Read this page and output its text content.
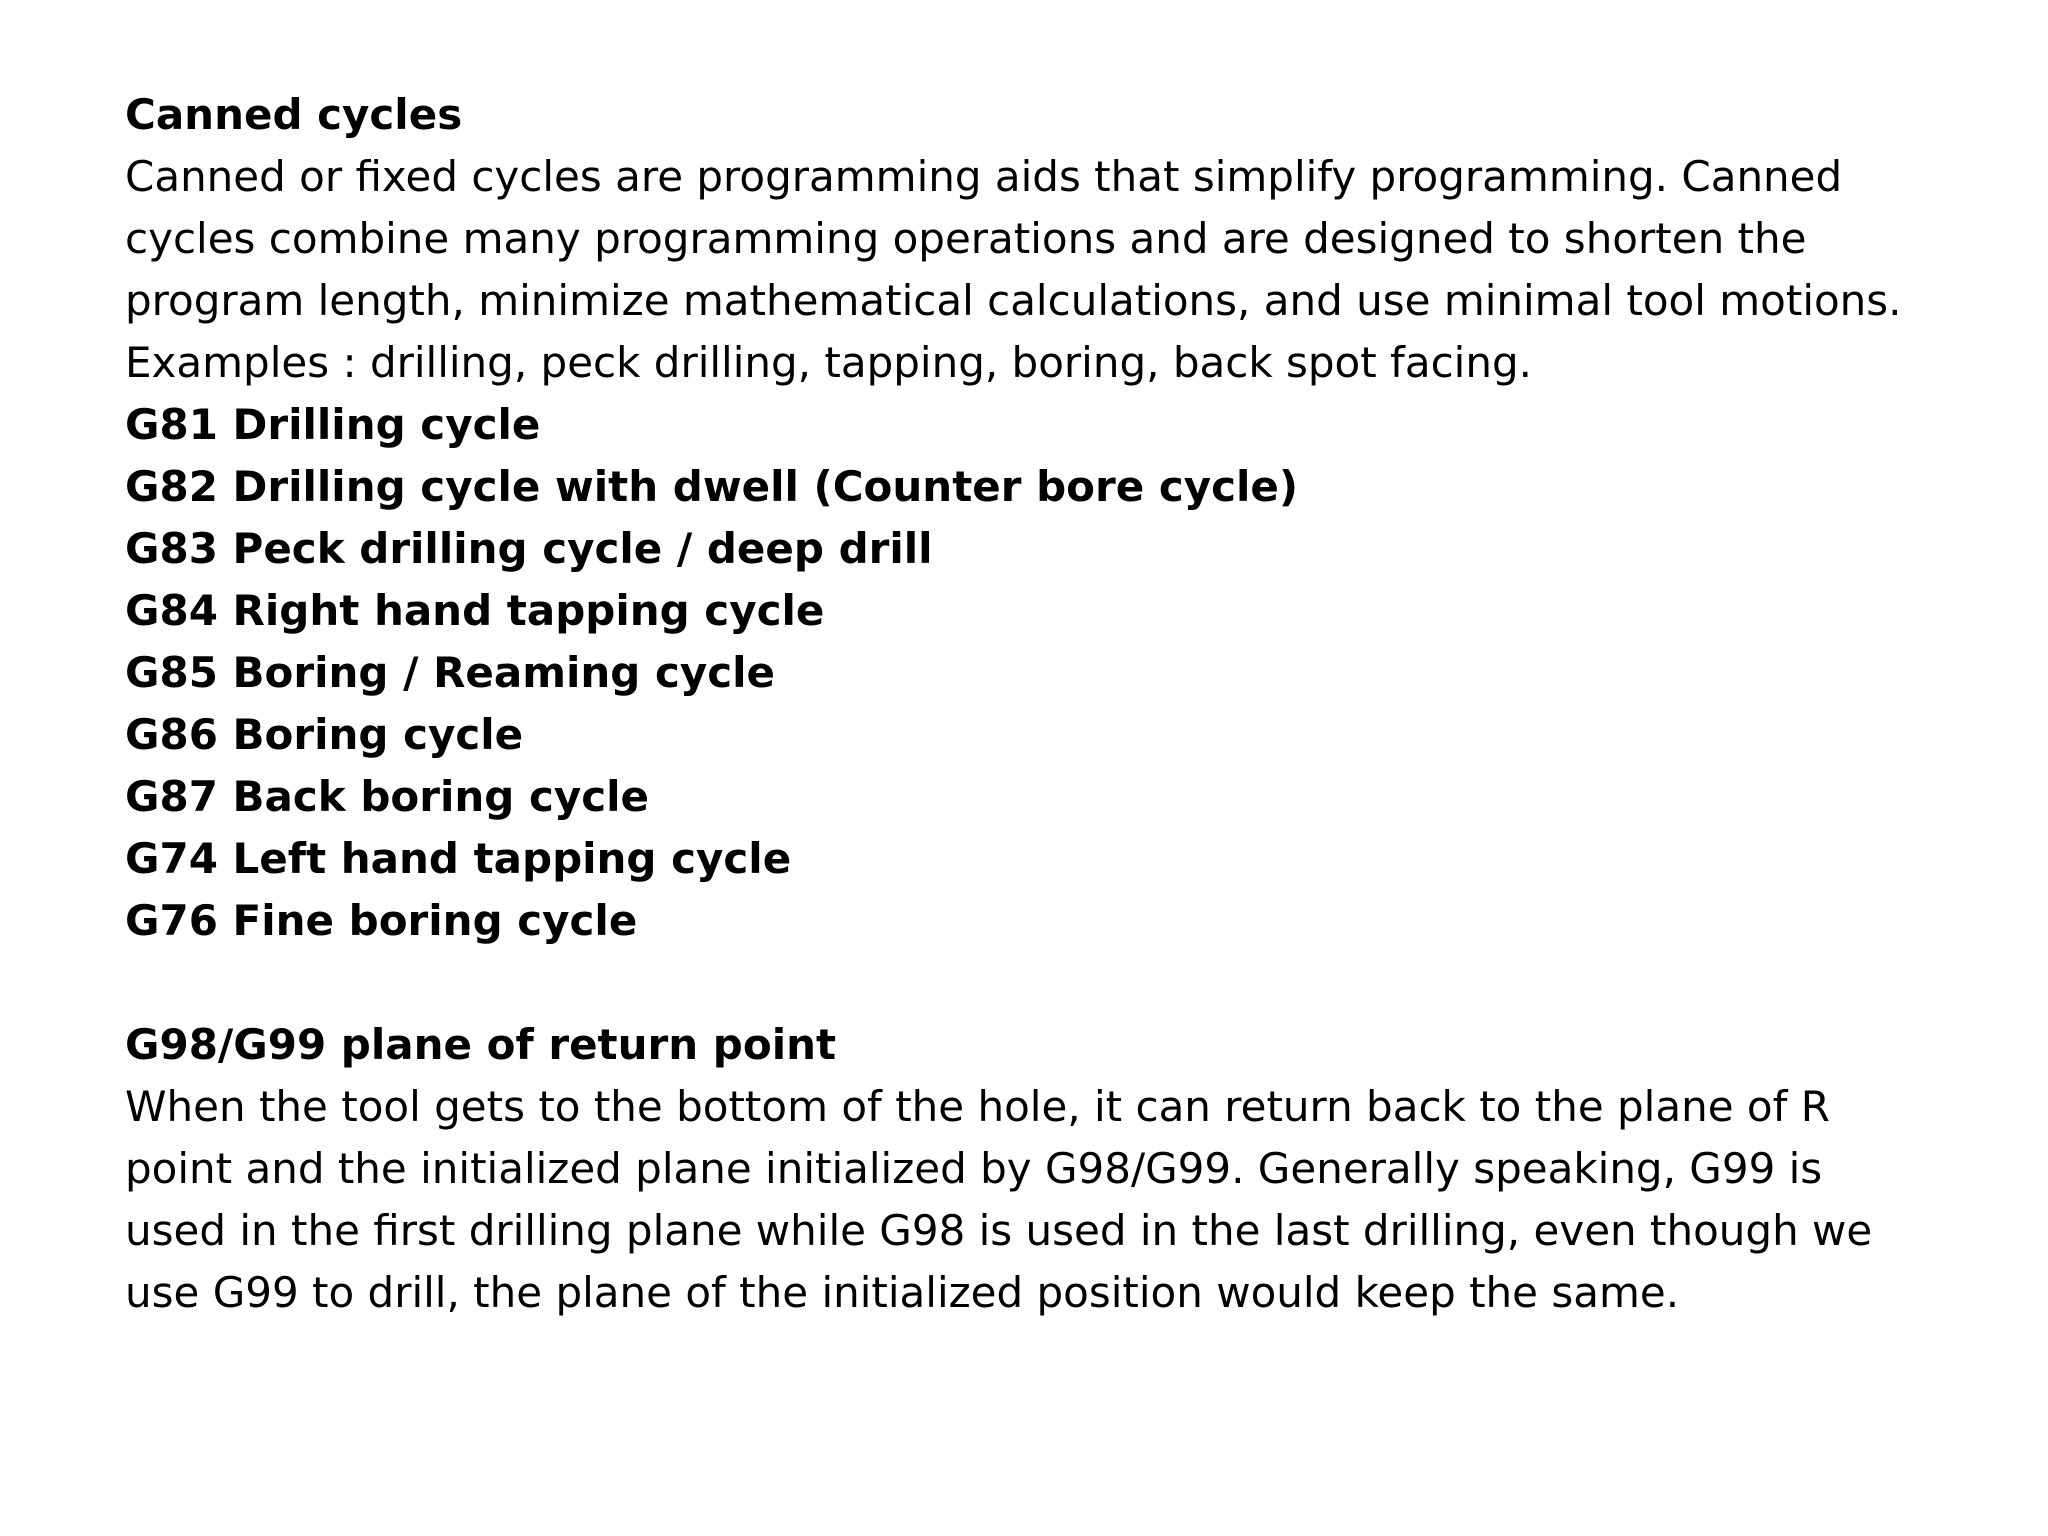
Canned cycles

Canned or fixed cycles are programming aids that simplify programming. Canned

cycles combine many programming operations and are designed to shorten the

program length, minimize mathematical calculations, and use minimal tool motions.

Examples : drilling, peck drilling, tapping, boring, back spot facing.

G81 Drilling cycle
G82 Drilling cycle with dwell (Counter bore cycle)
G83 Peck drilling cycle / deep drill
G84 Right hand tapping cycle
G85 Boring / Reaming cycle
G86 Boring cycle
G87 Back boring cycle
G74 Left hand tapping cycle
G76 Fine boring cycle

G98/G99 plane of return point

When the tool gets to the bottom of the hole, it can return back to the plane of R

point and the initialized plane initialized by G98/G99. Generally speaking, G99 is

used in the first drilling plane while G98 is used in the last drilling, even though we

use G99 to drill, the plane of the initialized position would keep the same.
